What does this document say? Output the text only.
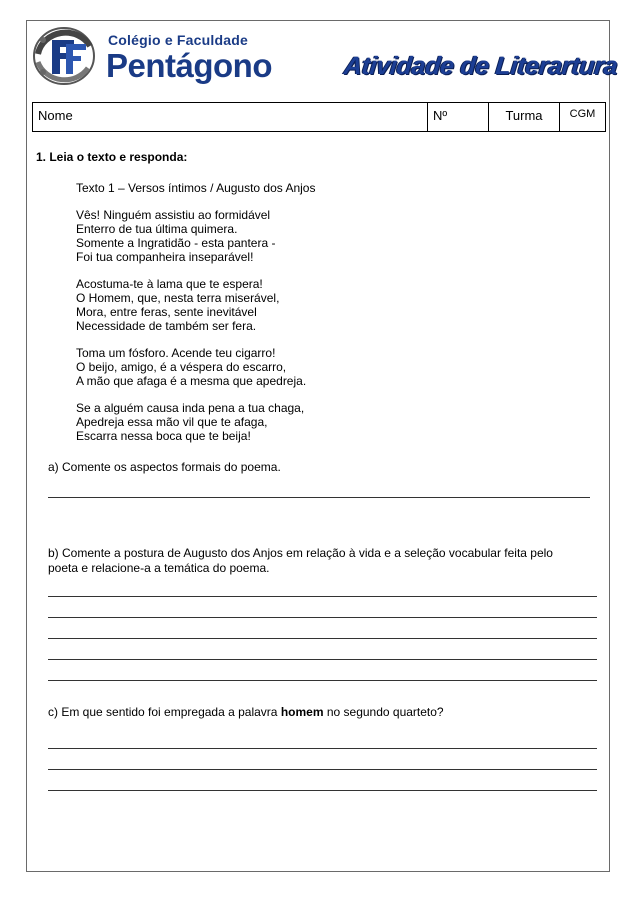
Colégio e Faculdade
Pentágono	Atividade de Literartura
Nome	Nº	Turma	CGM
1. Leia o texto e responda:
Texto 1 – Versos íntimos / Augusto dos Anjos
Vês! Ninguém assistiu ao formidável
Enterro de tua última quimera.
Somente a Ingratidão - esta pantera -
Foi tua companheira inseparável!
Acostuma-te à lama que te espera!
O Homem, que, nesta terra miserável,
Mora, entre feras, sente inevitável
Necessidade de também ser fera.
Toma um fósforo. Acende teu cigarro!
O beijo, amigo, é a véspera do escarro,
A mão que afaga é a mesma que apedreja.
Se a alguém causa inda pena a tua chaga,
Apedreja essa mão vil que te afaga,
Escarra nessa boca que te beija!
a) Comente os aspectos formais do poema.
b) Comente a postura de Augusto dos Anjos em relação à vida e a seleção vocabular feita pelo
poeta e relacione-a a temática do poema.
c) Em que sentido foi empregada a palavra homem no segundo quarteto?
